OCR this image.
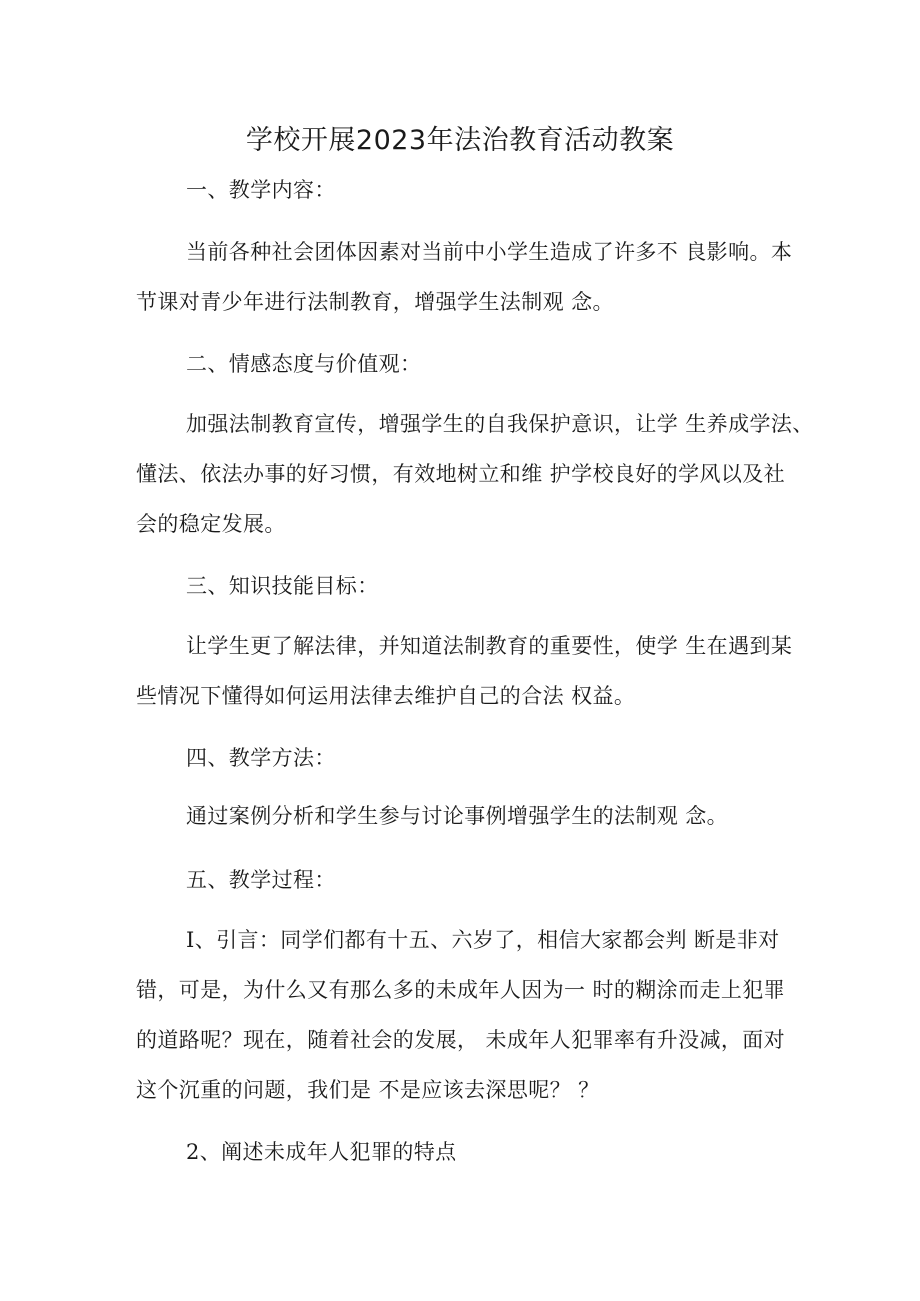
学校开展2023年法治教育活动教案

一、教学内容：

当前各种社会团体因素对当前中小学生造成了许多不 良影响。本

节课对青少年进行法制教育，增强学生法制观 念。

二、情感态度与价值观：

加强法制教育宣传，增强学生的自我保护意识，让学 生养成学法、

懂法、依法办事的好习惯，有效地树立和维 护学校良好的学风以及社

会的稳定发展。

三、知识技能目标：

让学生更了解法律，并知道法制教育的重要性，使学 生在遇到某

些情况下懂得如何运用法律去维护自己的合法 权益。

四、教学方法：

通过案例分析和学生参与讨论事例增强学生的法制观 念。

五、教学过程：

I、引言：同学们都有十五、六岁了，相信大家都会判 断是非对

错，可是，为什么又有那么多的未成年人因为一 时的糊涂而走上犯罪

的道路呢？现在，随着社会的发展， 未成年人犯罪率有升没减，面对

这个沉重的问题，我们是 不是应该去深思呢？ ？

2、阐述未成年人犯罪的特点
